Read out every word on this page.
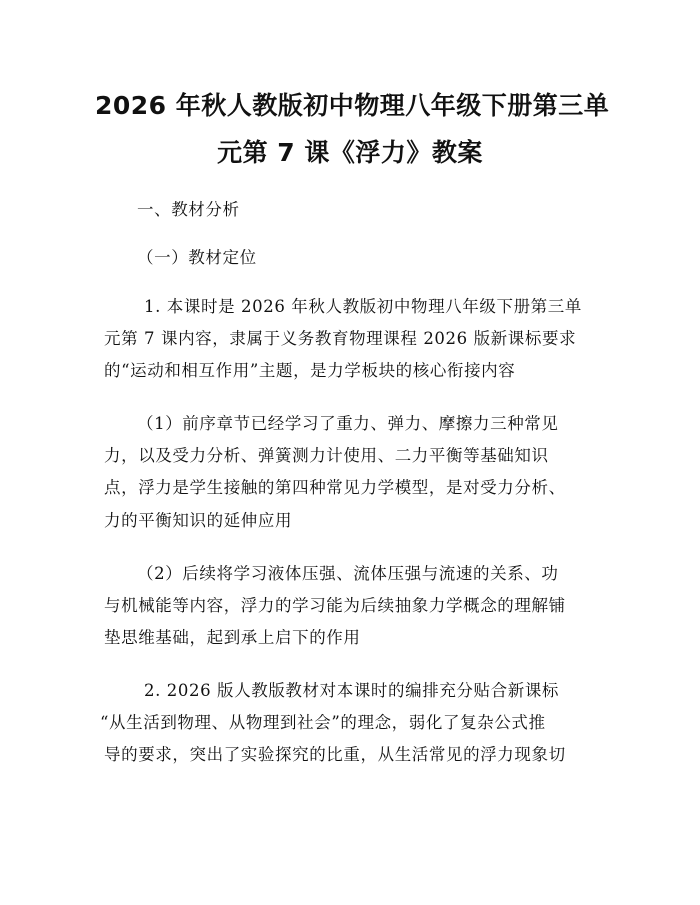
2026 年秋人教版初中物理八年级下册第三单
元第 7 课《浮力》教案

一、教材分析

（一）教材定位

1. 本课时是 2026 年秋人教版初中物理八年级下册第三单

元第 7 课内容，隶属于义务教育物理课程 2026 版新课标要求

的“运动和相互作用”主题，是力学板块的核心衔接内容

（1）前序章节已经学习了重力、弹力、摩擦力三种常见

力，以及受力分析、弹簧测力计使用、二力平衡等基础知识

点，浮力是学生接触的第四种常见力学模型，是对受力分析、

力的平衡知识的延伸应用

（2）后续将学习液体压强、流体压强与流速的关系、功

与机械能等内容，浮力的学习能为后续抽象力学概念的理解铺

垫思维基础，起到承上启下的作用

2. 2026 版人教版教材对本课时的编排充分贴合新课标

“从生活到物理、从物理到社会”的理念，弱化了复杂公式推

导的要求，突出了实验探究的比重，从生活常见的浮力现象切
